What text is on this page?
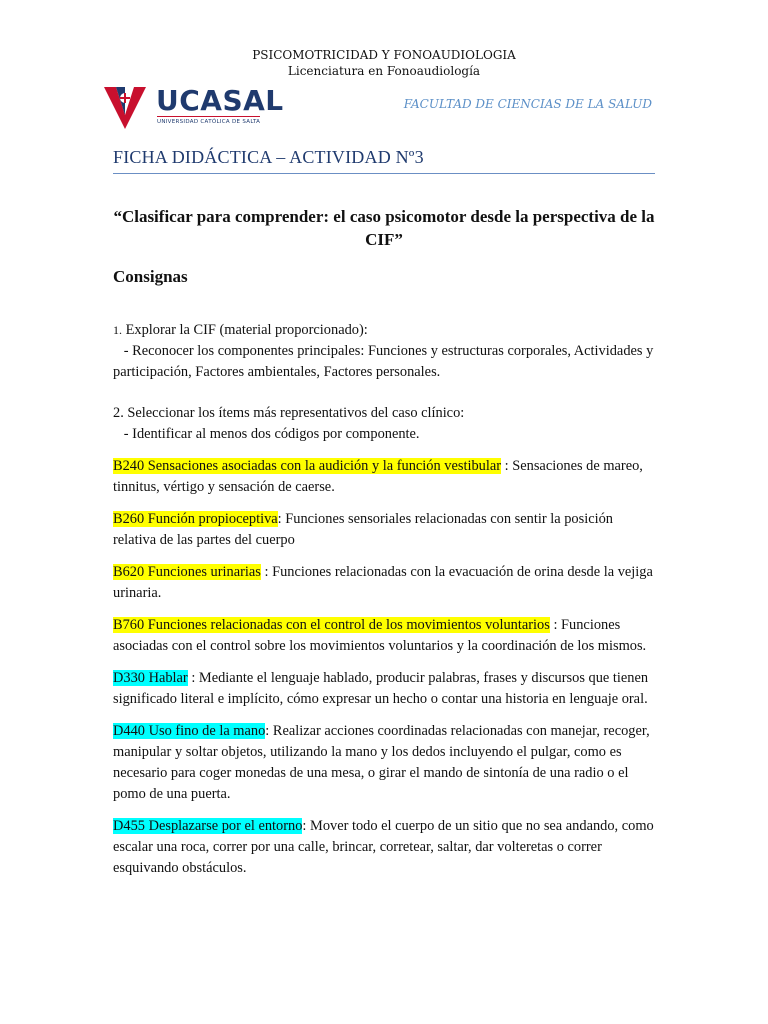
PSICOMOTRICIDAD Y FONOAUDIOLOGIA
Licenciatura en Fonoaudiología
UCASAL
UNIVERSIDAD CATÓLICA DE SALTA
FACULTAD DE CIENCIAS DE LA SALUD
FICHA DIDÁCTICA – ACTIVIDAD Nº3
“Clasificar para comprender: el caso psicomotor desde la perspectiva de la CIF”
Consignas

1. Explorar la CIF (material proporcionado):
- Reconocer los componentes principales: Funciones y estructuras corporales, Actividades y participación, Factores ambientales, Factores personales.

2. Seleccionar los ítems más representativos del caso clínico:
- Identificar al menos dos códigos por componente.

B240 Sensaciones asociadas con la audición y la función vestibular : Sensaciones de mareo, tinnitus, vértigo y sensación de caerse.

B260 Función propioceptiva: Funciones sensoriales relacionadas con sentir la posición relativa de las partes del cuerpo

B620 Funciones urinarias : Funciones relacionadas con la evacuación de orina desde la vejiga urinaria.

B760 Funciones relacionadas con el control de los movimientos voluntarios : Funciones asociadas con el control sobre los movimientos voluntarios y la coordinación de los mismos.

D330 Hablar : Mediante el lenguaje hablado, producir palabras, frases y discursos que tienen significado literal e implícito, cómo expresar un hecho o contar una historia en lenguaje oral.

D440 Uso fino de la mano: Realizar acciones coordinadas relacionadas con manejar, recoger, manipular y soltar objetos, utilizando la mano y los dedos incluyendo el pulgar, como es necesario para coger monedas de una mesa, o girar el mando de sintonía de una radio o el pomo de una puerta.

D455 Desplazarse por el entorno: Mover todo el cuerpo de un sitio que no sea andando, como escalar una roca, correr por una calle, brincar, corretear, saltar, dar volteretas o correr esquivando obstáculos.
